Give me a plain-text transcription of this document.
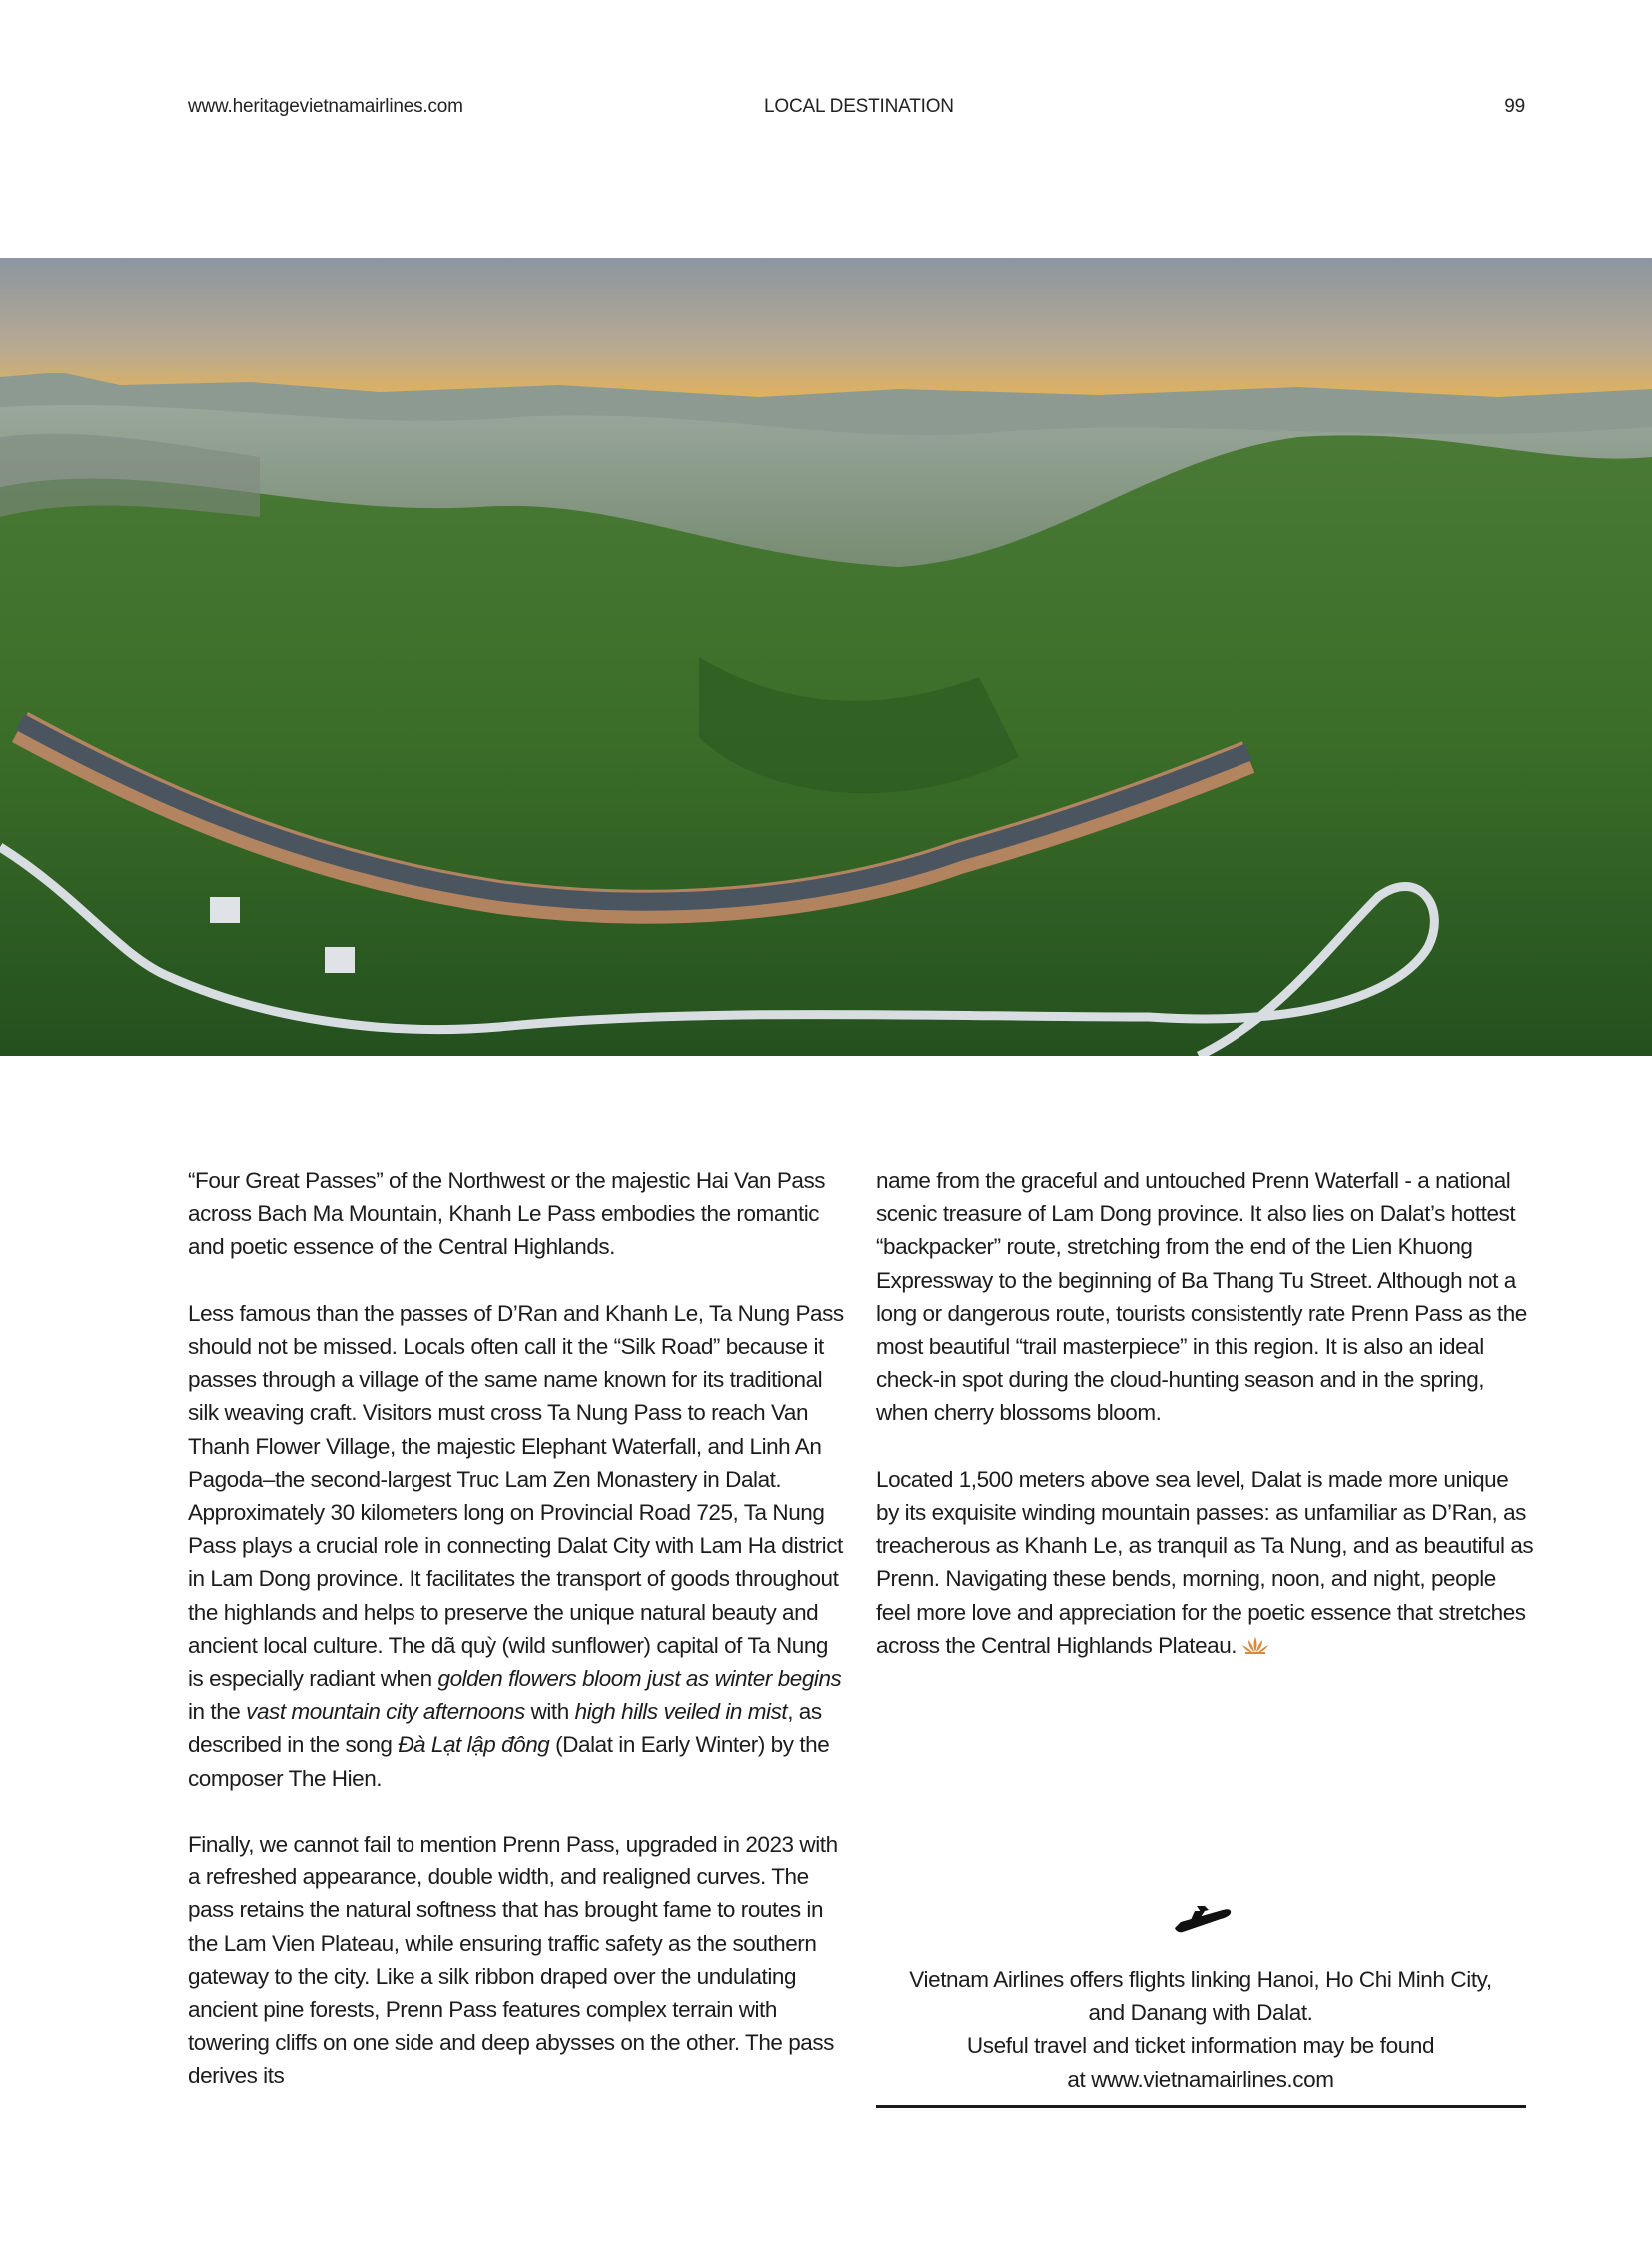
www.heritagevietnamairlines.com	LOCAL DESTINATION	99

“Four Great Passes” of the Northwest or the majestic Hai Van Pass across Bach Ma Mountain, Khanh Le Pass embodies the romantic and poetic essence of the Central Highlands.

Less famous than the passes of D’Ran and Khanh Le, Ta Nung Pass should not be missed. Locals often call it the “Silk Road” because it passes through a village of the same name known for its traditional silk weaving craft. Visitors must cross Ta Nung Pass to reach Van Thanh Flower Village, the majestic Elephant Waterfall, and Linh An Pagoda–the second-largest Truc Lam Zen Monastery in Dalat. Approximately 30 kilometers long on Provincial Road 725, Ta Nung Pass plays a crucial role in connecting Dalat City with Lam Ha district in Lam Dong province. It facilitates the transport of goods throughout the highlands and helps to preserve the unique natural beauty and ancient local culture. The dã quỳ (wild sunflower) capital of Ta Nung is especially radiant when golden flowers bloom just as winter begins in the vast mountain city afternoons with high hills veiled in mist, as described in the song Đà Lạt lập đông (Dalat in Early Winter) by the composer The Hien.

Finally, we cannot fail to mention Prenn Pass, upgraded in 2023 with a refreshed appearance, double width, and realigned curves. The pass retains the natural softness that has brought fame to routes in the Lam Vien Plateau, while ensuring traffic safety as the southern gateway to the city. Like a silk ribbon draped over the undulating ancient pine forests, Prenn Pass features complex terrain with towering cliffs on one side and deep abysses on the other. The pass derives its

name from the graceful and untouched Prenn Waterfall - a national scenic treasure of Lam Dong province. It also lies on Dalat’s hottest “backpacker” route, stretching from the end of the Lien Khuong Expressway to the beginning of Ba Thang Tu Street. Although not a long or dangerous route, tourists consistently rate Prenn Pass as the most beautiful “trail masterpiece” in this region. It is also an ideal check-in spot during the cloud-hunting season and in the spring, when cherry blossoms bloom.

Located 1,500 meters above sea level, Dalat is made more unique by its exquisite winding mountain passes: as unfamiliar as D’Ran, as treacherous as Khanh Le, as tranquil as Ta Nung, and as beautiful as Prenn. Navigating these bends, morning, noon, and night, people feel more love and appreciation for the poetic essence that stretches across the Central Highlands Plateau.

Vietnam Airlines offers flights linking Hanoi, Ho Chi Minh City,
and Danang with Dalat.
Useful travel and ticket information may be found
at www.vietnamairlines.com
